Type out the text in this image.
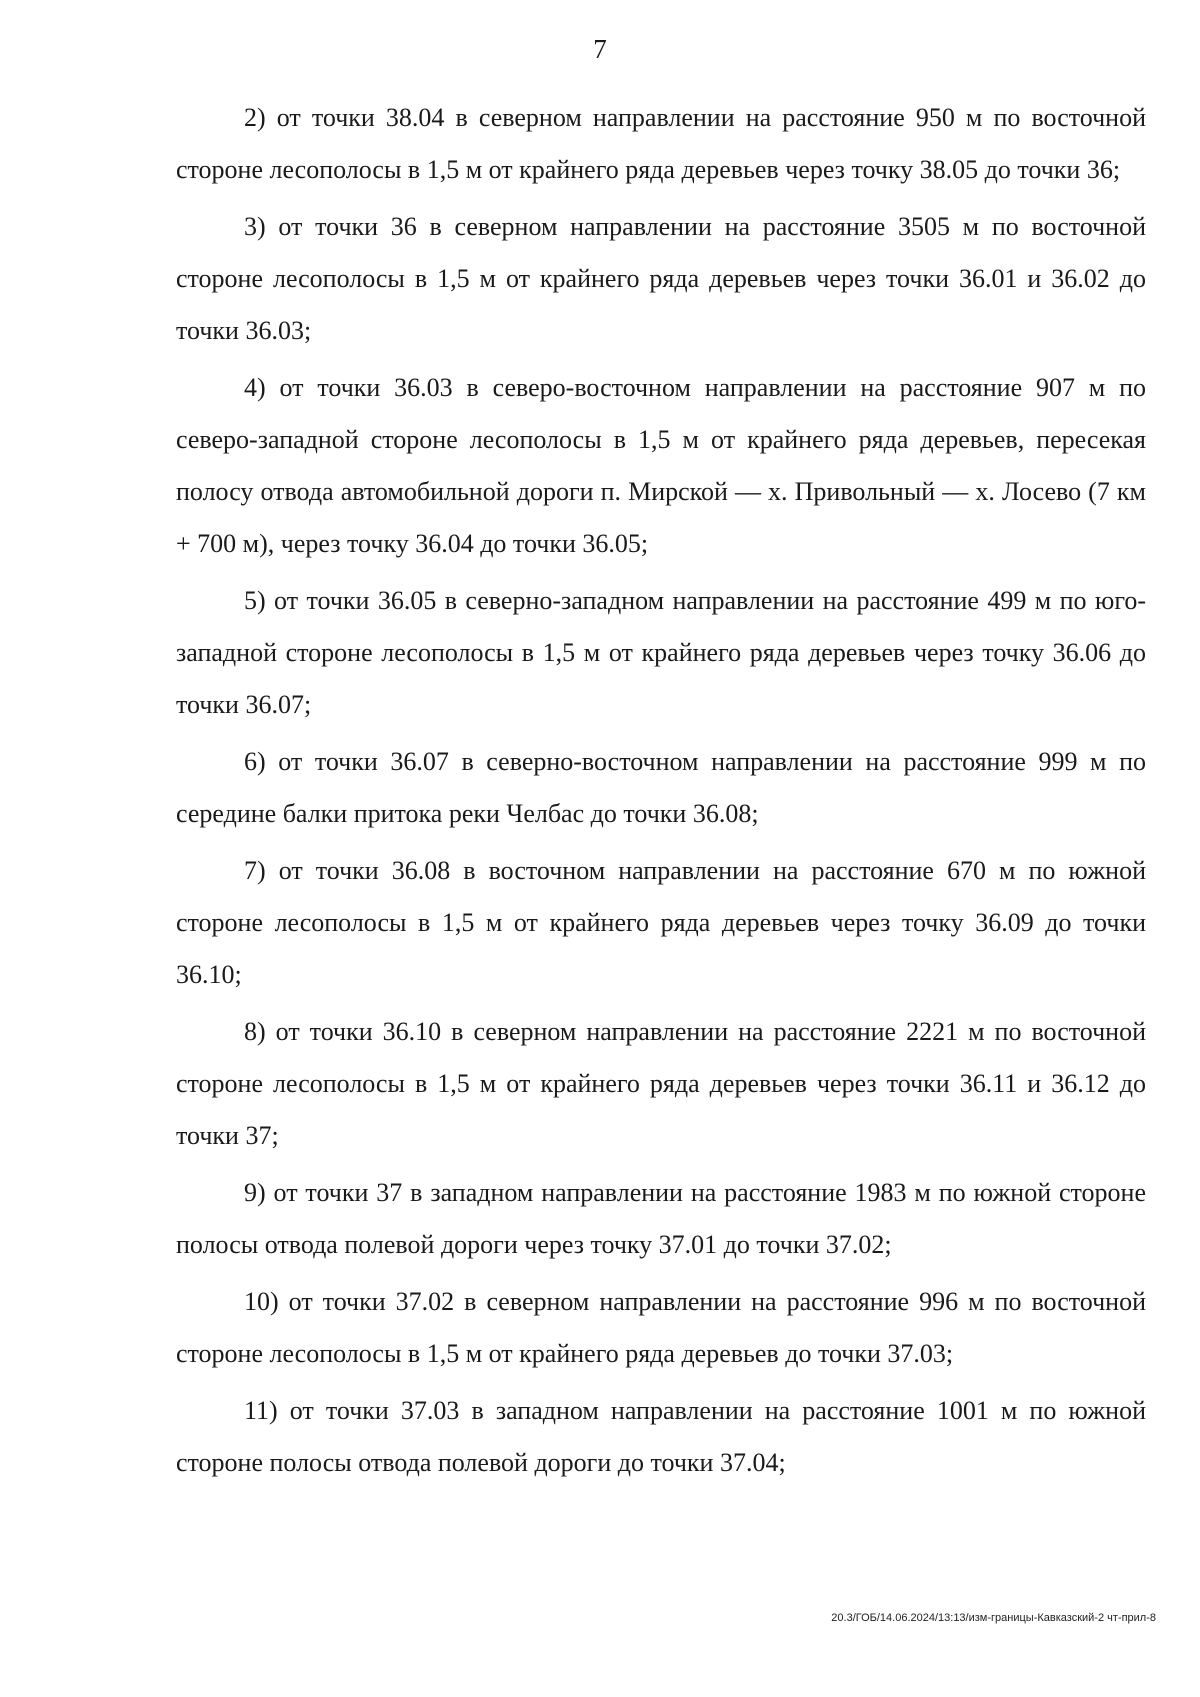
7

2) от точки 38.04 в северном направлении на расстояние 950 м по восточной стороне лесополосы в 1,5 м от крайнего ряда деревьев через точку 38.05 до точки 36;

3) от точки 36 в северном направлении на расстояние 3505 м по восточной стороне лесополосы в 1,5 м от крайнего ряда деревьев через точки 36.01 и 36.02 до точки 36.03;

4) от точки 36.03 в северо-восточном направлении на расстояние 907 м по северо-западной стороне лесополосы в 1,5 м от крайнего ряда деревьев, пересекая полосу отвода автомобильной дороги п. Мирской — х. Привольный — х. Лосево (7 км + 700 м), через точку 36.04 до точки 36.05;

5) от точки 36.05 в северно-западном направлении на расстояние 499 м по юго-западной стороне лесополосы в 1,5 м от крайнего ряда деревьев через точку 36.06 до точки 36.07;

6) от точки 36.07 в северно-восточном направлении на расстояние 999 м по середине балки притока реки Челбас до точки 36.08;

7) от точки 36.08 в восточном направлении на расстояние 670 м по южной стороне лесополосы в 1,5 м от крайнего ряда деревьев через точку 36.09 до точки 36.10;

8) от точки 36.10 в северном направлении на расстояние 2221 м по восточной стороне лесополосы в 1,5 м от крайнего ряда деревьев через точки 36.11 и 36.12 до точки 37;

9) от точки 37 в западном направлении на расстояние 1983 м по южной стороне полосы отвода полевой дороги через точку 37.01 до точки 37.02;

10) от точки 37.02 в северном направлении на расстояние 996 м по восточной стороне лесополосы в 1,5 м от крайнего ряда деревьев до точки 37.03;

11) от точки 37.03 в западном направлении на расстояние 1001 м по южной стороне полосы отвода полевой дороги до точки 37.04;

20.3/ГОБ/14.06.2024/13:13/изм-границы-Кавказский-2 чт-прил-8
